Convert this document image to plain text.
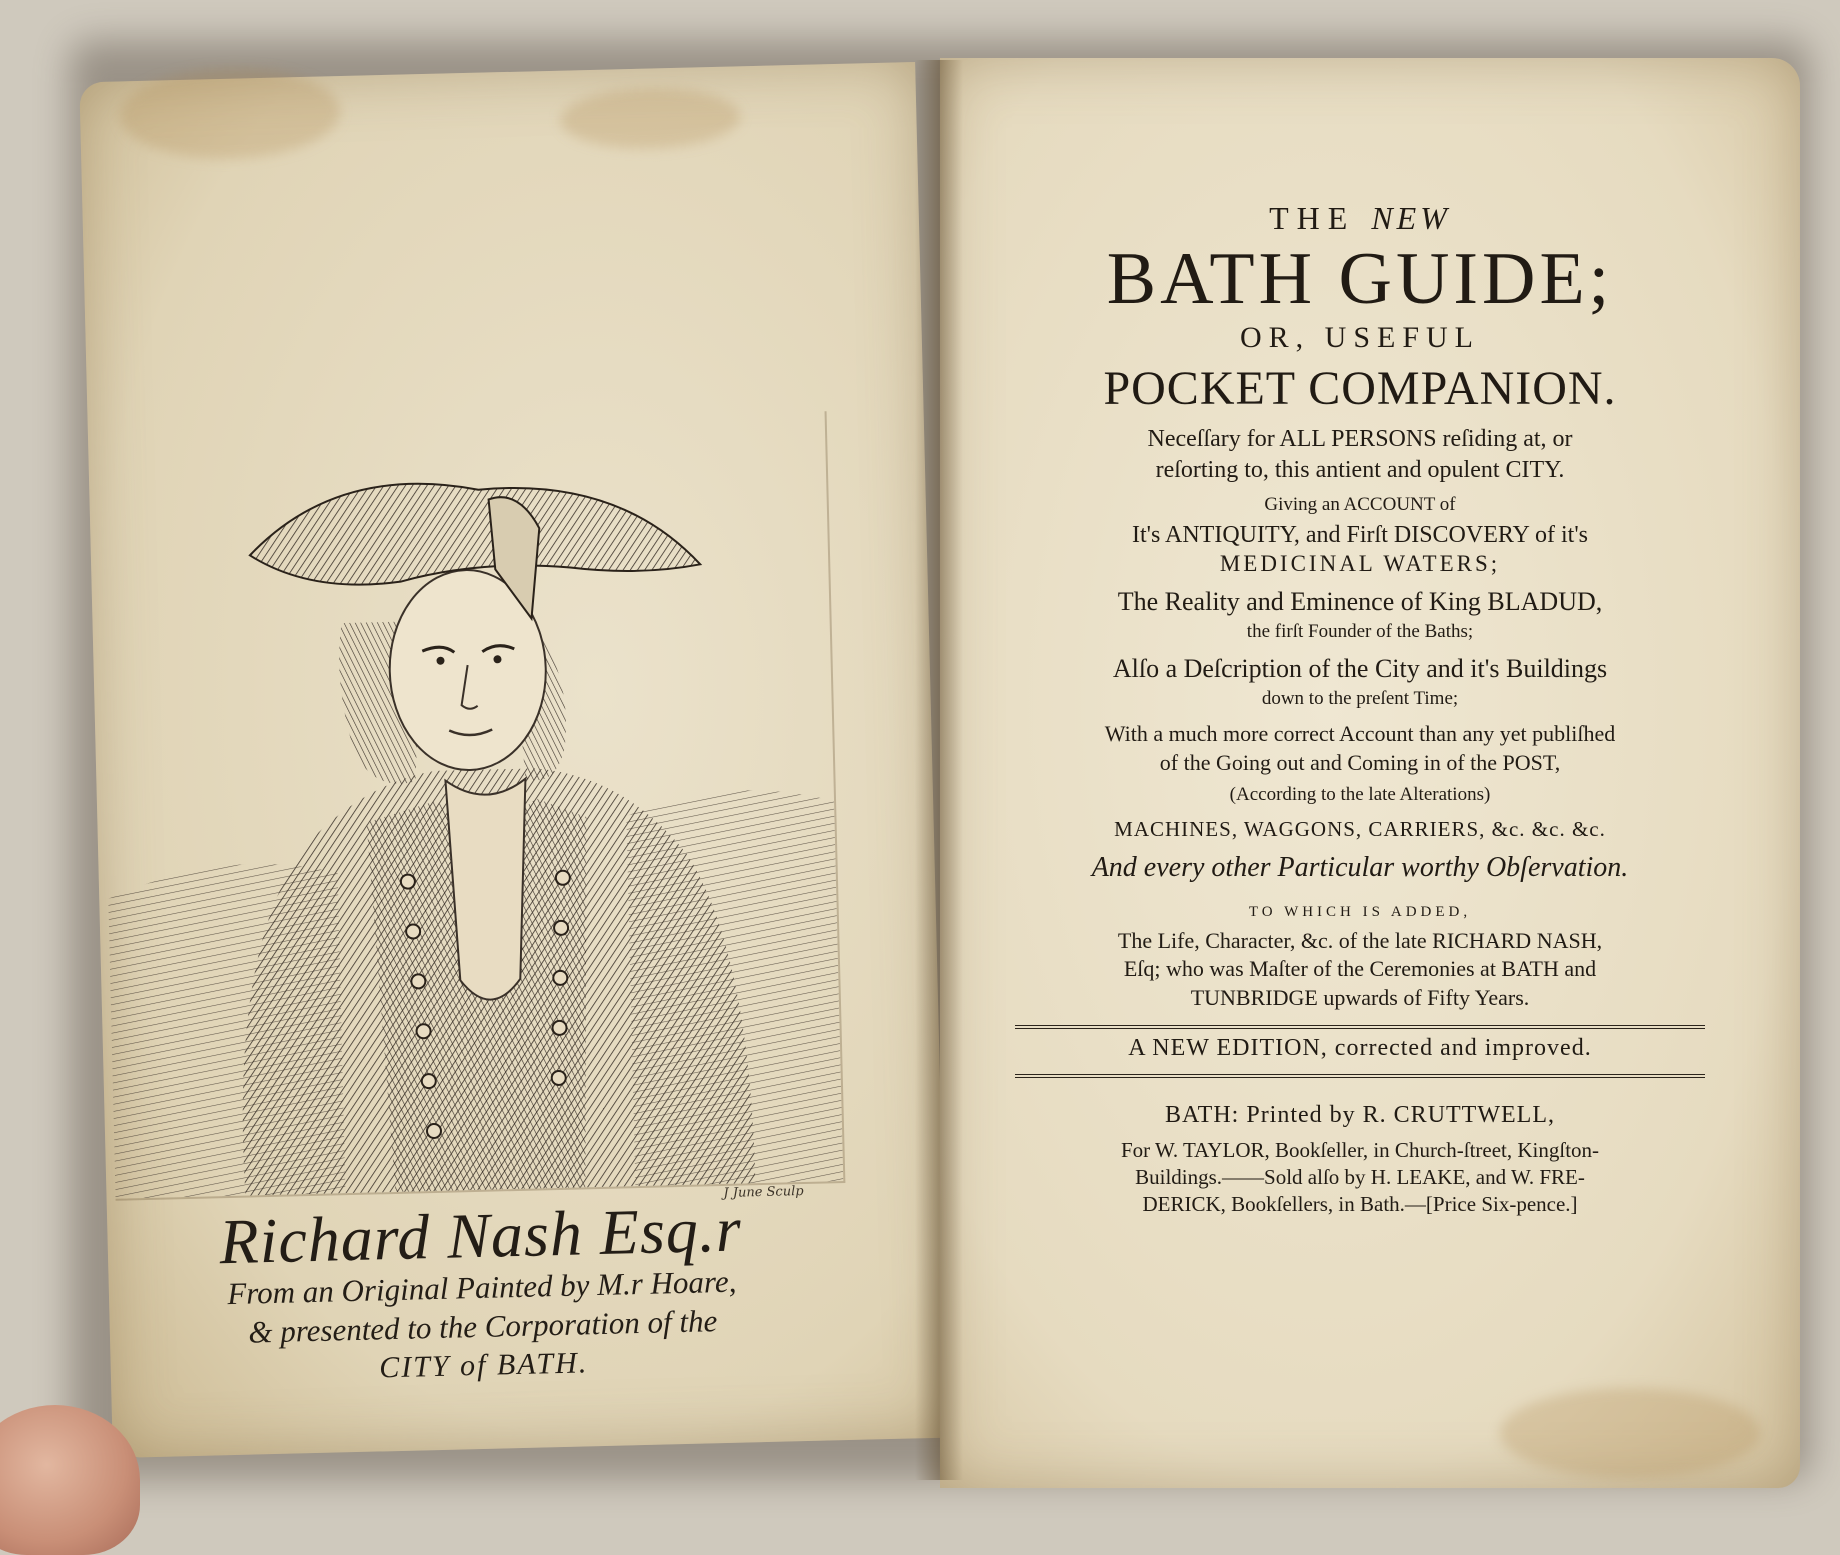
J June Sculp
Richard Nash Esq.r
From an Original Painted by M.r Hoare,
& presented to the Corporation of the
CITY of BATH.
THE NEW
BATH GUIDE;
OR, USEFUL
POCKET COMPANION.
Neceſſary for ALL PERSONS reſiding at, or
reſorting to, this antient and opulent CITY.
Giving an ACCOUNT of
It's ANTIQUITY, and Firſt DISCOVERY of it's
MEDICINAL WATERS;
The Reality and Eminence of King BLADUD,
the firſt Founder of the Baths;
Alſo a Deſcription of the City and it's Buildings
down to the preſent Time;
With a much more correct Account than any yet publiſhed
of the Going out and Coming in of the POST,
(According to the late Alterations)
MACHINES, WAGGONS, CARRIERS, &c. &c. &c.
And every other Particular worthy Obſervation.
TO WHICH IS ADDED,
The Life, Character, &c. of the late RICHARD NASH,
Eſq; who was Maſter of the Ceremonies at BATH and
TUNBRIDGE upwards of Fifty Years.
A NEW EDITION, corrected and improved.
BATH: Printed by R. CRUTTWELL,
For W. TAYLOR, Bookſeller, in Church-ſtreet, Kingſton-
Buildings.——Sold alſo by H. LEAKE, and W. FRE-
DERICK, Bookſellers, in Bath.—[Price Six-pence.]
